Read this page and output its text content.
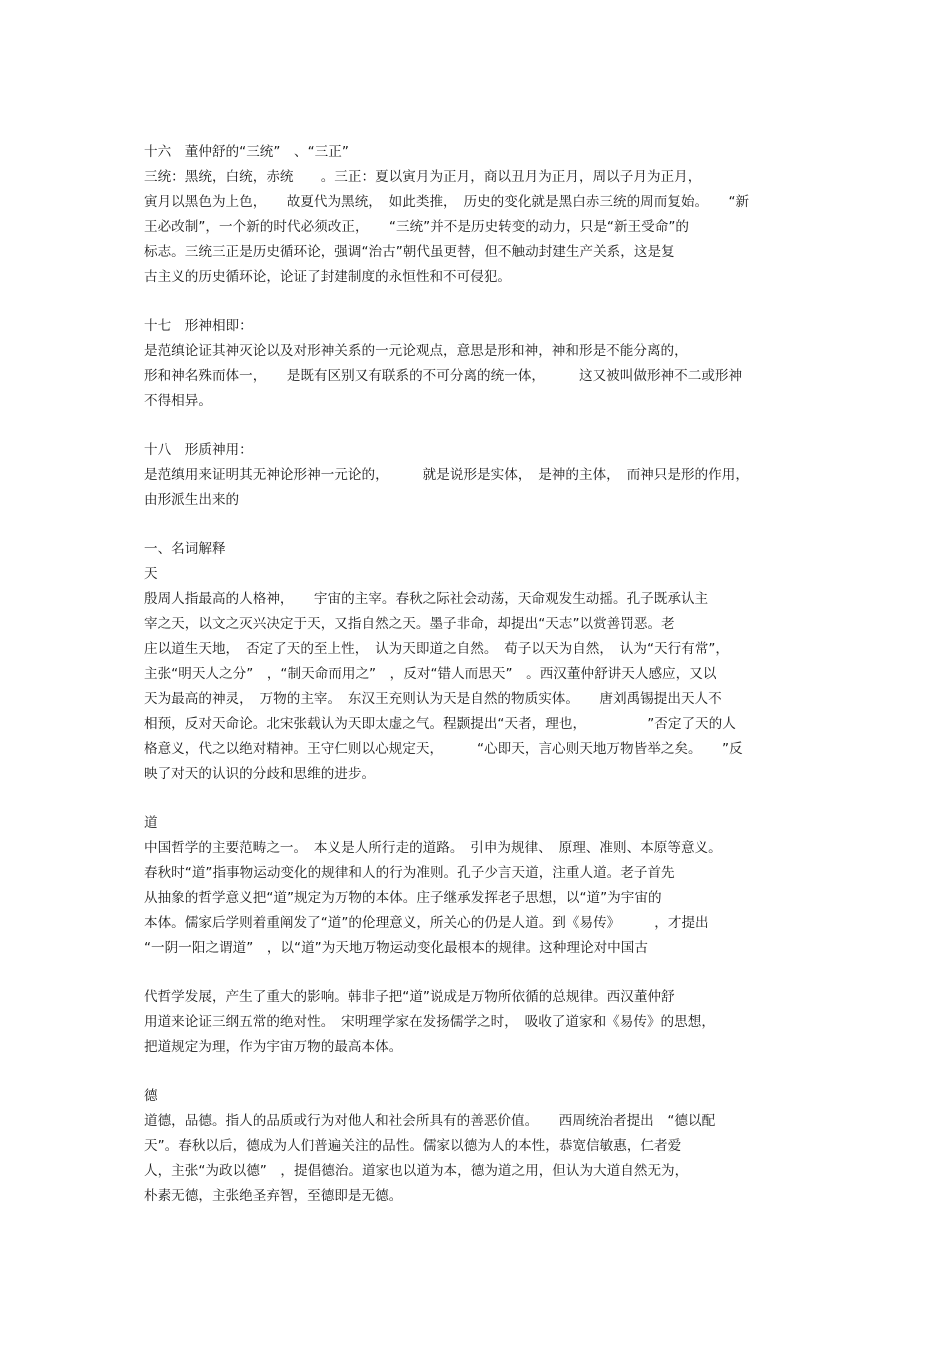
十六　董仲舒的“三统”　、“三正”
三统：黑统，白统，赤统　　。三正：夏以寅月为正月，商以丑月为正月，周以子月为正月，
寅月以黑色为上色，　　故夏代为黑统，　如此类推，　历史的变化就是黑白赤三统的周而复始。　　“新
王必改制”，一个新的时代必须改正，　　“三统”并不是历史转变的动力，只是“新王受命”的
标志。三统三正是历史循环论，强调“治古”朝代虽更替，但不触动封建生产关系，这是复
古主义的历史循环论，论证了封建制度的永恒性和不可侵犯。
十七　形神相即：
是范缜论证其神灭论以及对形神关系的一元论观点，意思是形和神，神和形是不能分离的，
形和神名殊而体一，　　是既有区别又有联系的不可分离的统一体，　　　这又被叫做形神不二或形神
不得相异。
十八　形质神用：
是范缜用来证明其无神论形神一元论的，　　　就是说形是实体，　是神的主体，　而神只是形的作用，
由形派生出来的
一、名词解释
天
殷周人指最高的人格神，　　宇宙的主宰。春秋之际社会动荡，天命观发生动摇。孔子既承认主
宰之天，以文之灭兴决定于天，又指自然之天。墨子非命，却提出“天志”以赏善罚恶。老
庄以道生天地，　否定了天的至上性，　认为天即道之自然。　荀子以天为自然，　认为“天行有常”，
主张“明天人之分”　，“制天命而用之”　，反对“错人而思天”　。西汉董仲舒讲天人感应，又以
天为最高的神灵，　万物的主宰。　东汉王充则认为天是自然的物质实体。　　唐刘禹锡提出天人不
相预，反对天命论。北宋张载认为天即太虚之气。程颢提出“天者，理也，　　　　　”否定了天的人
格意义，代之以绝对精神。王守仁则以心规定天，　　　“心即天，言心则天地万物皆举之矣。　　”反
映了对天的认识的分歧和思维的进步。
道
中国哲学的主要范畴之一。　本义是人所行走的道路。　引申为规律、　原理、准则、本原等意义。
春秋时“道”指事物运动变化的规律和人的行为准则。孔子少言天道，注重人道。老子首先
从抽象的哲学意义把“道”规定为万物的本体。庄子继承发挥老子思想，以“道”为宇宙的
本体。儒家后学则着重阐发了“道”的伦理意义，所关心的仍是人道。到《易传》　　　，才提出
“一阴一阳之谓道”　，以“道”为天地万物运动变化最根本的规律。这种理论对中国古
代哲学发展，产生了重大的影响。韩非子把“道”说成是万物所依循的总规律。西汉董仲舒
用道来论证三纲五常的绝对性。　宋明理学家在发扬儒学之时，　吸收了道家和《易传》的思想，
把道规定为理，作为宇宙万物的最高本体。
德
道德，品德。指人的品质或行为对他人和社会所具有的善恶价值。　　西周统治者提出　“德以配
天”。春秋以后，德成为人们普遍关注的品性。儒家以德为人的本性，恭宽信敏惠，仁者爱
人，主张“为政以德”　，提倡德治。道家也以道为本，德为道之用，但认为大道自然无为，
朴素无德，主张绝圣弃智，至德即是无德。
